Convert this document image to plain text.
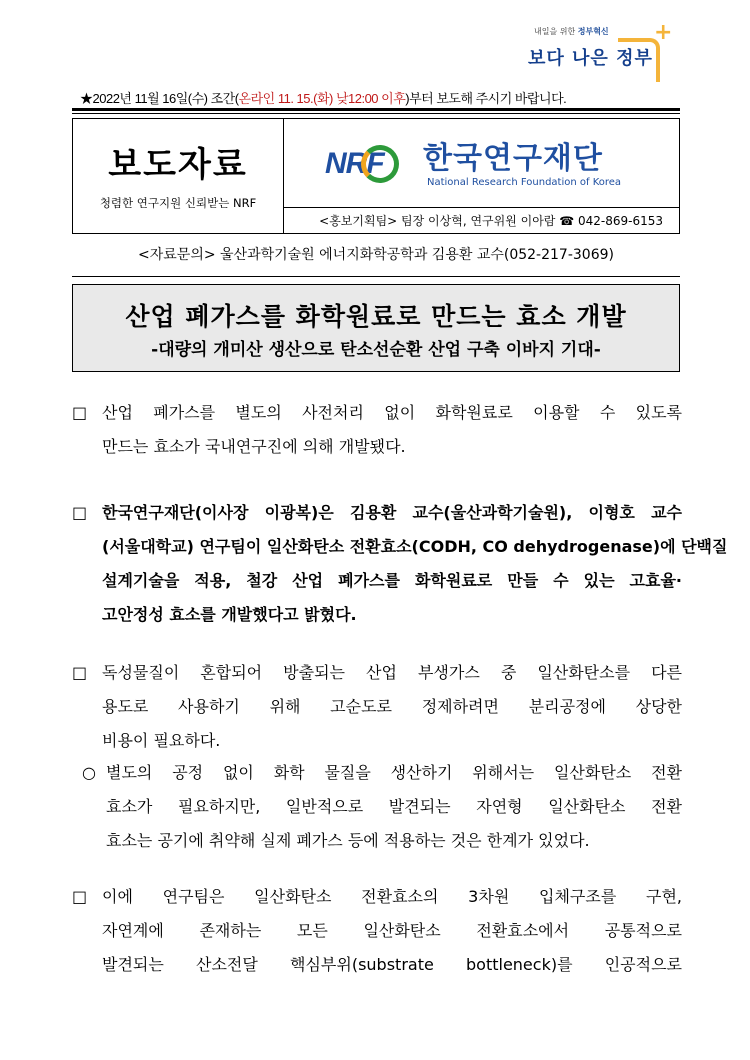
내일을 위한 정부혁신
보다 나은 정부
+
★2022년 11월 16일(수) 조간(온라인 11. 15.(화) 낮12:00 이후)부터 보도해 주시기 바랍니다.
보도자료
청렴한 연구지원 신뢰받는 NRF
NRF 한국연구재단
National Research Foundation of Korea
<홍보기획팀> 팀장 이상혁, 연구위원 이아람 ☎ 042-869-6153
<자료문의> 울산과학기술원 에너지화학공학과 김용환 교수(052-217-3069)
산업 폐가스를 화학원료로 만드는 효소 개발
-대량의 개미산 생산으로 탄소선순환 산업 구축 이바지 기대-
□ 산업 폐가스를 별도의 사전처리 없이 화학원료로 이용할 수 있도록
만드는 효소가 국내연구진에 의해 개발됐다.
□ 한국연구재단(이사장 이광복)은 김용환 교수(울산과학기술원), 이형호 교수
(서울대학교) 연구팀이 일산화탄소 전환효소(CODH, CO dehydrogenase)에 단백질
설계기술을 적용, 철강 산업 폐가스를 화학원료로 만들 수 있는 고효율·
고안정성 효소를 개발했다고 밝혔다.
□ 독성물질이 혼합되어 방출되는 산업 부생가스 중 일산화탄소를 다른
용도로 사용하기 위해 고순도로 정제하려면 분리공정에 상당한
비용이 필요하다.
○ 별도의 공정 없이 화학 물질을 생산하기 위해서는 일산화탄소 전환
효소가 필요하지만, 일반적으로 발견되는 자연형 일산화탄소 전환
효소는 공기에 취약해 실제 폐가스 등에 적용하는 것은 한계가 있었다.
□ 이에 연구팀은 일산화탄소 전환효소의 3차원 입체구조를 구현,
자연계에 존재하는 모든 일산화탄소 전환효소에서 공통적으로
발견되는 산소전달 핵심부위(substrate bottleneck)를 인공적으로
